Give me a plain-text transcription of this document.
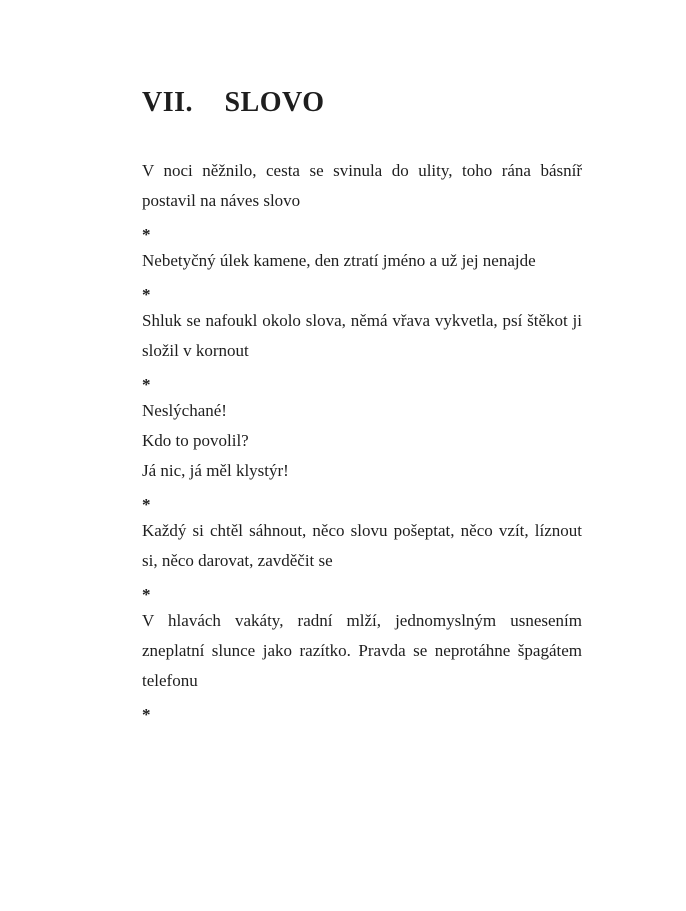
VII. SLOVO

V noci něžnilo, cesta se svinula do ulity, toho rána básníř postavil na náves slovo

*

Nebetyčný úlek kamene, den ztratí jméno a už jej nenajde

*

Shluk se nafoukl okolo slova, němá vřava vykvetla, psí štěkot ji složil v kornout

*
Neslýchané!
Kdo to povolil?
Já nic, já měl klystýr!
*

Každý si chtěl sáhnout, něco slovu pošeptat, něco vzít, líznout si, něco darovat, zavděčit se

*

V hlavách vakáty, radní mlží, jednomyslným usnesením zneplatní slunce jako razítko. Pravda se neprotáhne špagátem telefonu

*
